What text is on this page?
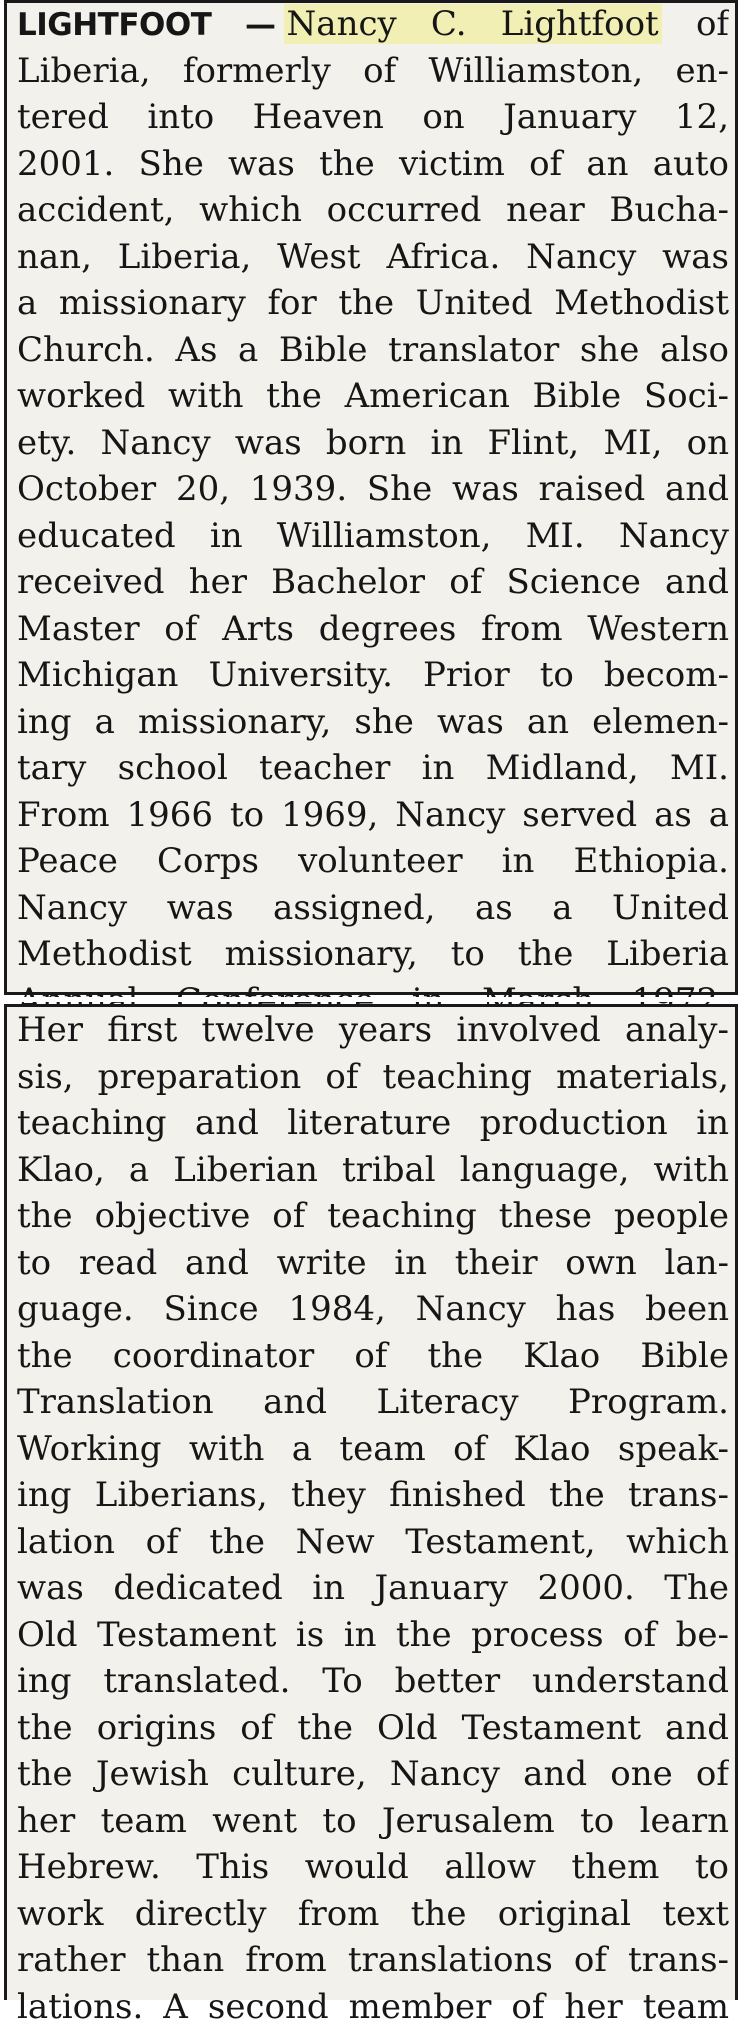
LIGHTFOOT — Nancy C. Lightfoot of
Liberia, formerly of Williamston, en-
tered into Heaven on January 12,
2001. She was the victim of an auto
accident, which occurred near Bucha-
nan, Liberia, West Africa. Nancy was
a missionary for the United Methodist
Church. As a Bible translator she also
worked with the American Bible Soci-
ety. Nancy was born in Flint, MI, on
October 20, 1939. She was raised and
educated in Williamston, MI. Nancy
received her Bachelor of Science and
Master of Arts degrees from Western
Michigan University. Prior to becom-
ing a missionary, she was an elemen-
tary school teacher in Midland, MI.
From 1966 to 1969, Nancy served as a
Peace Corps volunteer in Ethiopia.
Nancy was assigned, as a United
Methodist missionary, to the Liberia
Her first twelve years involved analy-
sis, preparation of teaching materials,
teaching and literature production in
Klao, a Liberian tribal language, with
the objective of teaching these people
to read and write in their own lan-
guage. Since 1984, Nancy has been
the coordinator of the Klao Bible
Translation and Literacy Program.
Working with a team of Klao speak-
ing Liberians, they finished the trans-
lation of the New Testament, which
was dedicated in January 2000. The
Old Testament is in the process of be-
ing translated. To better understand
the origins of the Old Testament and
the Jewish culture, Nancy and one of
her team went to Jerusalem to learn
Hebrew. This would allow them to
work directly from the original text
rather than from translations of trans-
lations. A second member of her team
